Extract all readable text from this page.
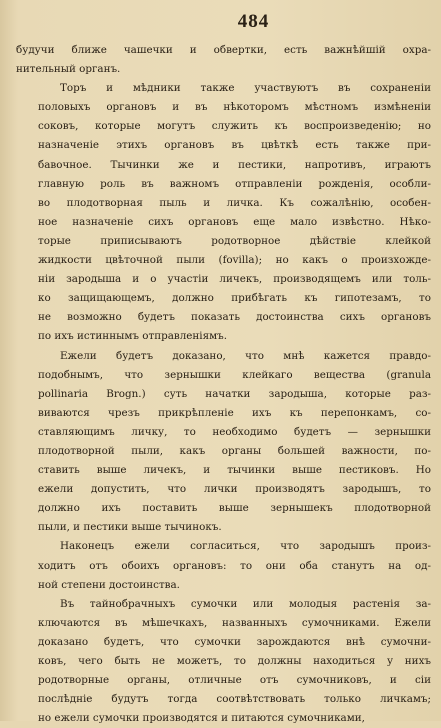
484

будучи ближе чашечки и обвертки, есть важнѣйшій охра-
нительный органъ.

Торъ и мѣдники также участвуютъ въ сохраненіи
половыхъ органовъ и въ нѣкоторомъ мѣстномъ измѣненіи
соковъ, которые могутъ служить къ воспроизведенію; но
назначеніе этихъ органовъ въ цвѣткѣ есть также при-
бавочное. Тычинки же и пестики, напротивъ, играютъ
главную роль въ важномъ отправленіи рожденія, особли-
во плодотворная пыль и личка. Къ сожалѣнію, особен-
ное назначеніе сихъ органовъ еще мало извѣстно. Нѣко-
торые приписываютъ родотворное дѣйствіе клейкой
жидкости цвѣточной пыли (fovilla); но какъ о произхожде-
ніи зародыша и о участіи личекъ, производящемъ или толь-
ко защищающемъ, должно прибѣгать къ гипотезамъ, то
не возможно будетъ показать достоинства сихъ органовъ
по ихъ истиннымъ отправленіямъ.

Ежели будетъ доказано, что мнѣ кажется правдо-
подобнымъ, что зернышки клейкаго вещества (granula
pollinaria Brogn.) суть начатки зародыша, которые раз-
виваются чрезъ прикрѣпленіе ихъ къ перепонкамъ, со-
ставляющимъ личку, то необходимо будетъ — зернышки
плодотворной пыли, какъ органы большей важности, по-
ставить выше личекъ, и тычинки выше пестиковъ. Но
ежели допустить, что лички производятъ зародышъ, то
должно ихъ поставить выше зернышекъ плодотворной
пыли, и пестики выше тычинокъ.

Наконецъ ежели согласиться, что зародышъ произ-
ходитъ отъ обоихъ органовъ: то они оба станутъ на од-
ной степени достоинства.

Въ тайнобрачныхъ сумочки или молодыя растенія за-
ключаются въ мѣшечкахъ, названныхъ сумочниками. Ежели
доказано будетъ, что сумочки зарождаются внѣ сумочни-
ковъ, чего быть не можетъ, то должны находиться у нихъ
родотворные органы, отличные отъ сумочниковъ, и сіи
послѣдніе будутъ тогда соотвѣтствовать только личкамъ;
но ежели сумочки производятся и питаются сумочниками,
